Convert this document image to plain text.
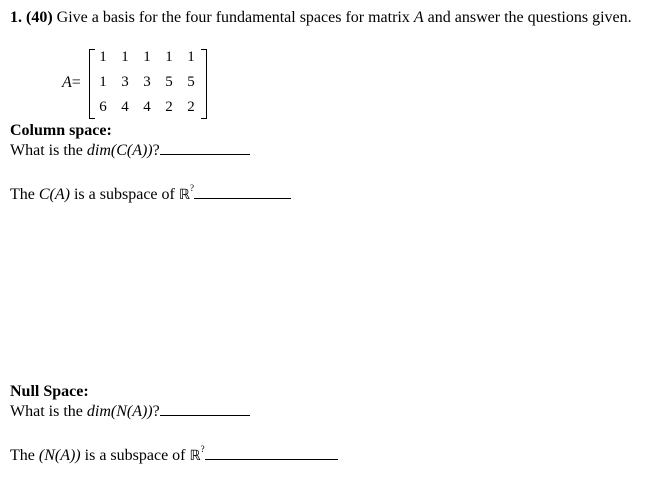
1. (40) Give a basis for the four fundamental spaces for matrix A and answer the questions given.
A=
1 1 1 1 1
1 3 3 5 5
6 4 4 2 2
Column space:
What is the dim(C(A))?
The C(A) is a subspace of ℝ?
Null Space:
What is the dim(N(A))?
The (N(A)) is a subspace of ℝ?
